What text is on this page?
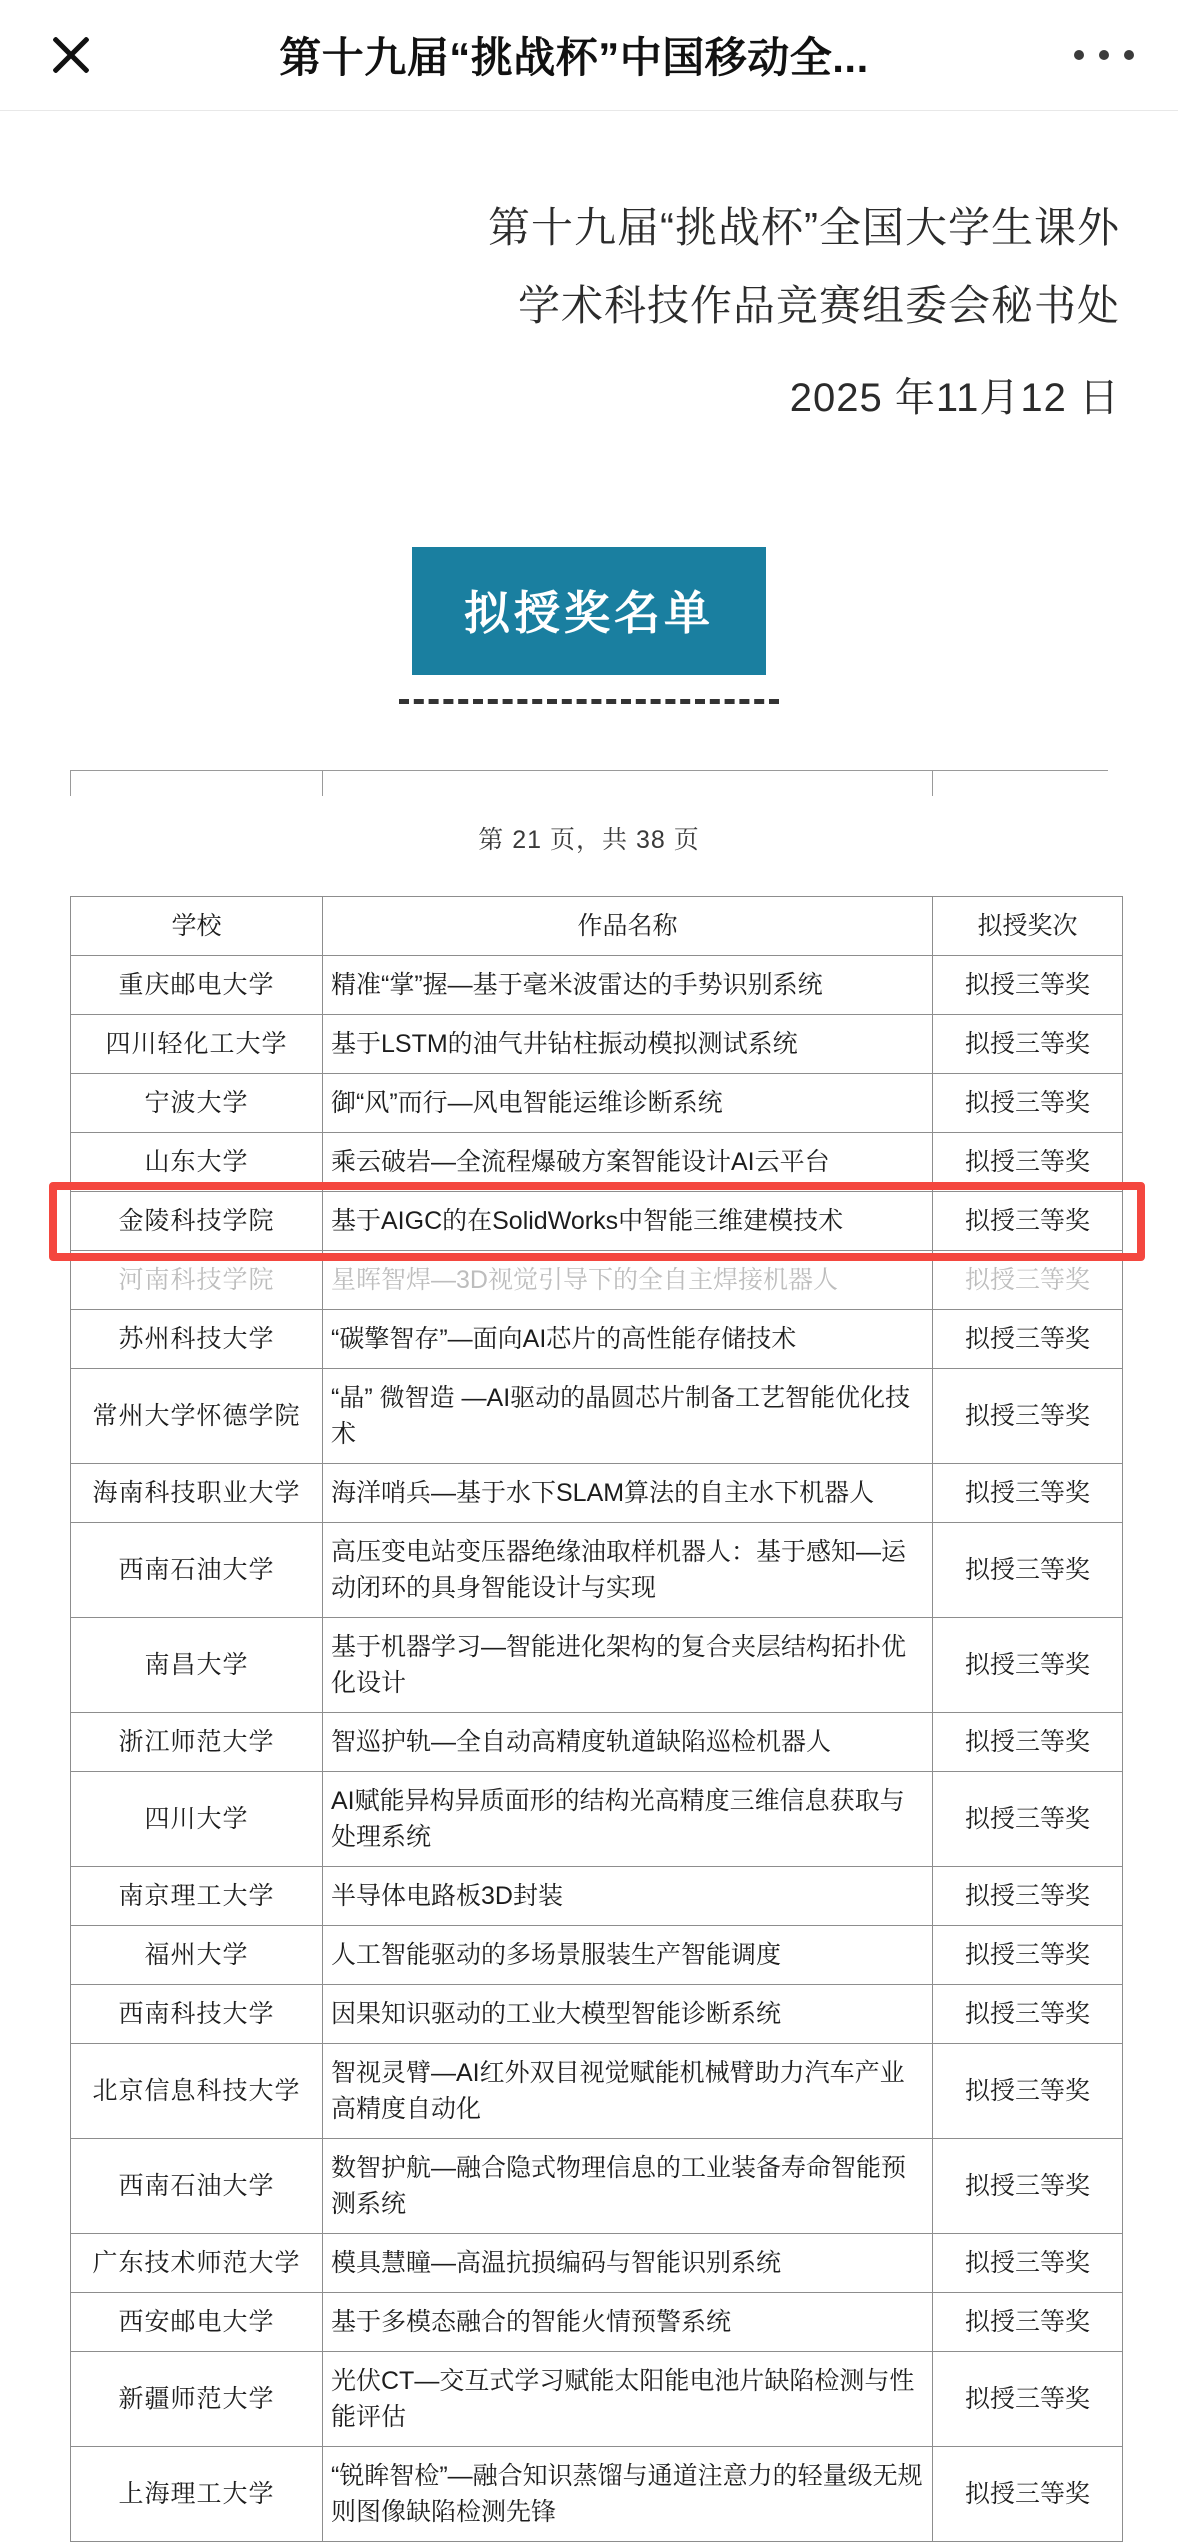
第十九届“挑战杯”中国移动全...
第十九届“挑战杯”全国大学生课外
学术科技作品竞赛组委会秘书处
2025 年11月12 日
拟授奖名单

第 21 页，共 38 页
学校	作品名称	拟授奖次
重庆邮电大学	精准“掌”握—基于毫米波雷达的手势识别系统	拟授三等奖
四川轻化工大学	基于LSTM的油气井钻柱振动模拟测试系统	拟授三等奖
宁波大学	御“风”而行—风电智能运维诊断系统	拟授三等奖
山东大学	乘云破岩—全流程爆破方案智能设计AI云平台	拟授三等奖
金陵科技学院	基于AIGC的在SolidWorks中智能三维建模技术	拟授三等奖
河南科技学院	星晖智焊—3D视觉引导下的全自主焊接机器人	拟授三等奖
苏州科技大学	“碳擎智存”—面向AI芯片的高性能存储技术	拟授三等奖
常州大学怀德学院	“晶” 微智造 —AI驱动的晶圆芯片制备工艺智能优化技术	拟授三等奖
海南科技职业大学	海洋哨兵—基于水下SLAM算法的自主水下机器人	拟授三等奖
西南石油大学	高压变电站变压器绝缘油取样机器人：基于感知—运动闭环的具身智能设计与实现	拟授三等奖
南昌大学	基于机器学习—智能进化架构的复合夹层结构拓扑优化设计	拟授三等奖
浙江师范大学	智巡护轨—全自动高精度轨道缺陷巡检机器人	拟授三等奖
四川大学	AI赋能异构异质面形的结构光高精度三维信息获取与处理系统	拟授三等奖
南京理工大学	半导体电路板3D封装	拟授三等奖
福州大学	人工智能驱动的多场景服装生产智能调度	拟授三等奖
西南科技大学	因果知识驱动的工业大模型智能诊断系统	拟授三等奖
北京信息科技大学	智视灵臂—AI红外双目视觉赋能机械臂助力汽车产业高精度自动化	拟授三等奖
西南石油大学	数智护航—融合隐式物理信息的工业装备寿命智能预测系统	拟授三等奖
广东技术师范大学	模具慧瞳—高温抗损编码与智能识别系统	拟授三等奖
西安邮电大学	基于多模态融合的智能火情预警系统	拟授三等奖
新疆师范大学	光伏CT—交互式学习赋能太阳能电池片缺陷检测与性能评估	拟授三等奖
上海理工大学	“锐眸智检”—融合知识蒸馏与通道注意力的轻量级无规则图像缺陷检测先锋	拟授三等奖
